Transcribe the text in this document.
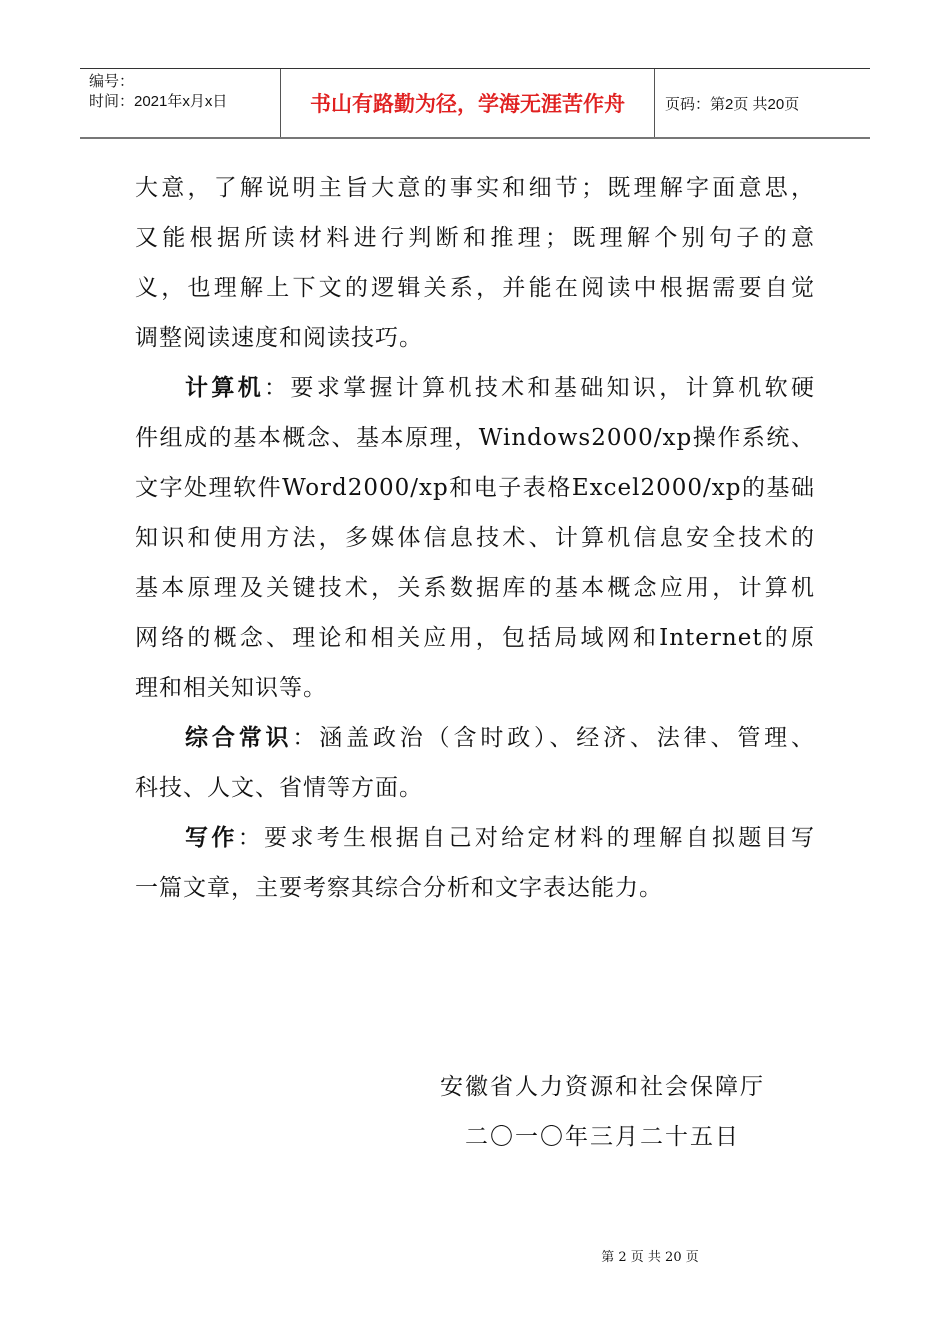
编号：
时间：2021年x月x日	书山有路勤为径，学海无涯苦作舟	页码：第2页 共20页
大意，了解说明主旨大意的事实和细节；既理解字面意思，
又能根据所读材料进行判断和推理；既理解个别句子的意
义，也理解上下文的逻辑关系，并能在阅读中根据需要自觉
调整阅读速度和阅读技巧。
计算机：要求掌握计算机技术和基础知识，计算机软硬
件组成的基本概念、基本原理，Windows2000/xp操作系统、
文字处理软件Word2000/xp和电子表格Excel2000/xp的基础
知识和使用方法，多媒体信息技术、计算机信息安全技术的
基本原理及关键技术，关系数据库的基本概念应用，计算机
网络的概念、理论和相关应用，包括局域网和Internet的原
理和相关知识等。
综合常识：涵盖政治（含时政）、经济、法律、管理、
科技、人文、省情等方面。
写作：要求考生根据自己对给定材料的理解自拟题目写
一篇文章，主要考察其综合分析和文字表达能力。
安徽省人力资源和社会保障厅
二〇一〇年三月二十五日
第 2 页 共 20 页
